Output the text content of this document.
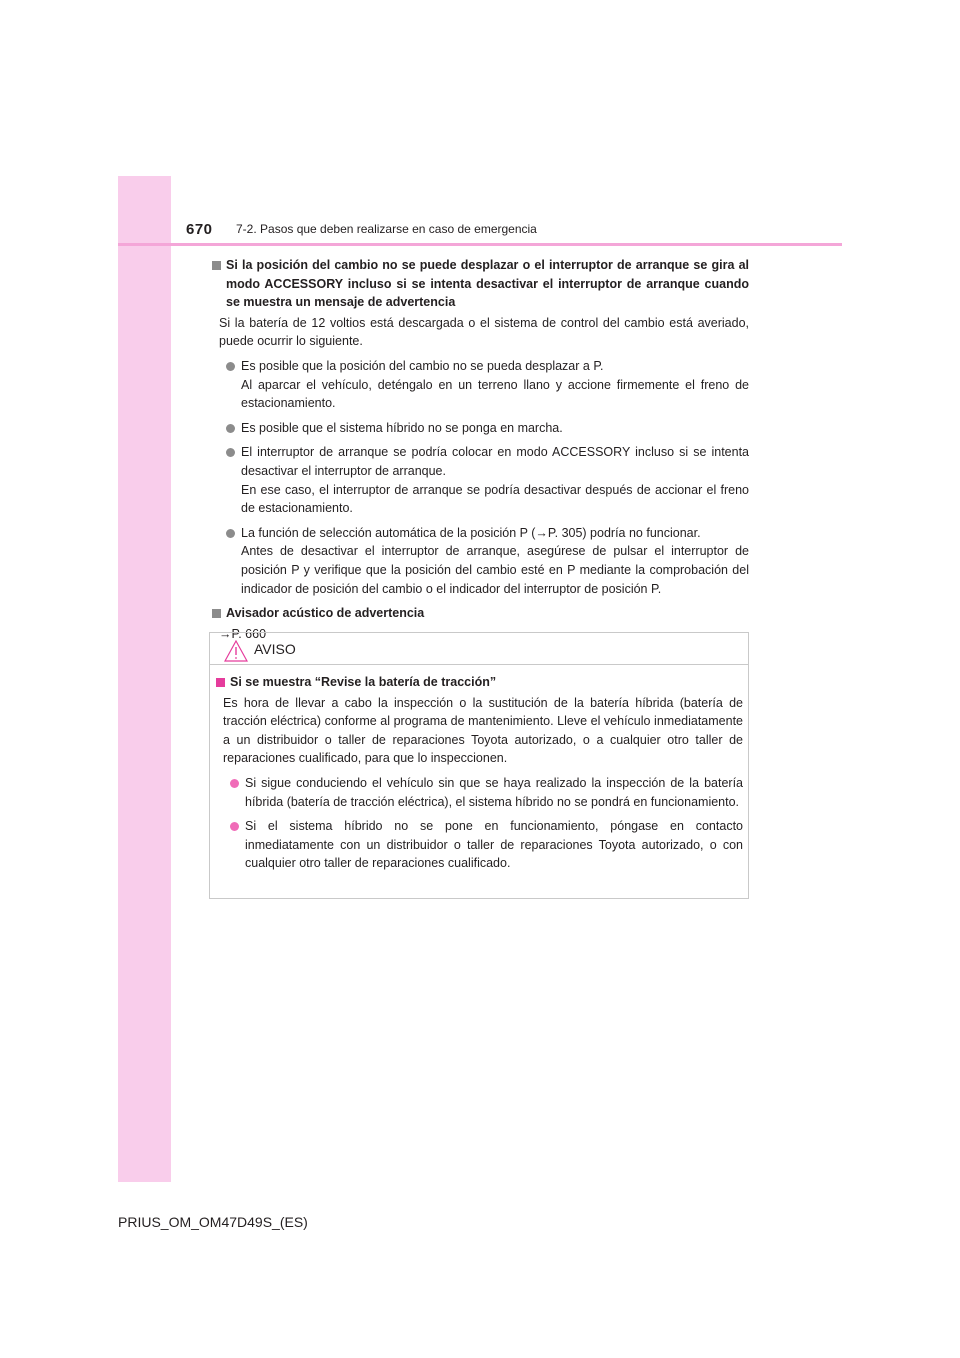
670 7-2. Pasos que deben realizarse en caso de emergencia
Si la posición del cambio no se puede desplazar o el interruptor de arranque se gira al modo ACCESSORY incluso si se intenta desactivar el interruptor de arranque cuando se muestra un mensaje de advertencia
Si la batería de 12 voltios está descargada o el sistema de control del cambio está averiado, puede ocurrir lo siguiente.
Es posible que la posición del cambio no se pueda desplazar a P.
Al aparcar el vehículo, deténgalo en un terreno llano y accione firmemente el freno de estacionamiento.
Es posible que el sistema híbrido no se ponga en marcha.
El interruptor de arranque se podría colocar en modo ACCESSORY incluso si se intenta desactivar el interruptor de arranque.
En ese caso, el interruptor de arranque se podría desactivar después de accionar el freno de estacionamiento.
La función de selección automática de la posición P (→P. 305) podría no funcionar.
Antes de desactivar el interruptor de arranque, asegúrese de pulsar el interruptor de posición P y verifique que la posición del cambio esté en P mediante la comprobación del indicador de posición del cambio o el indicador del interruptor de posición P.
Avisador acústico de advertencia
→P. 660
AVISO
Si se muestra “Revise la batería de tracción”
Es hora de llevar a cabo la inspección o la sustitución de la batería híbrida (batería de tracción eléctrica) conforme al programa de mantenimiento. Lleve el vehículo inmediatamente a un distribuidor o taller de reparaciones Toyota autorizado, o a cualquier otro taller de reparaciones cualificado, para que lo inspeccionen.
Si sigue conduciendo el vehículo sin que se haya realizado la inspección de la batería híbrida (batería de tracción eléctrica), el sistema híbrido no se pondrá en funcionamiento.
Si el sistema híbrido no se pone en funcionamiento, póngase en contacto inmediatamente con un distribuidor o taller de reparaciones Toyota autorizado, o con cualquier otro taller de reparaciones cualificado.
PRIUS_OM_OM47D49S_(ES)
